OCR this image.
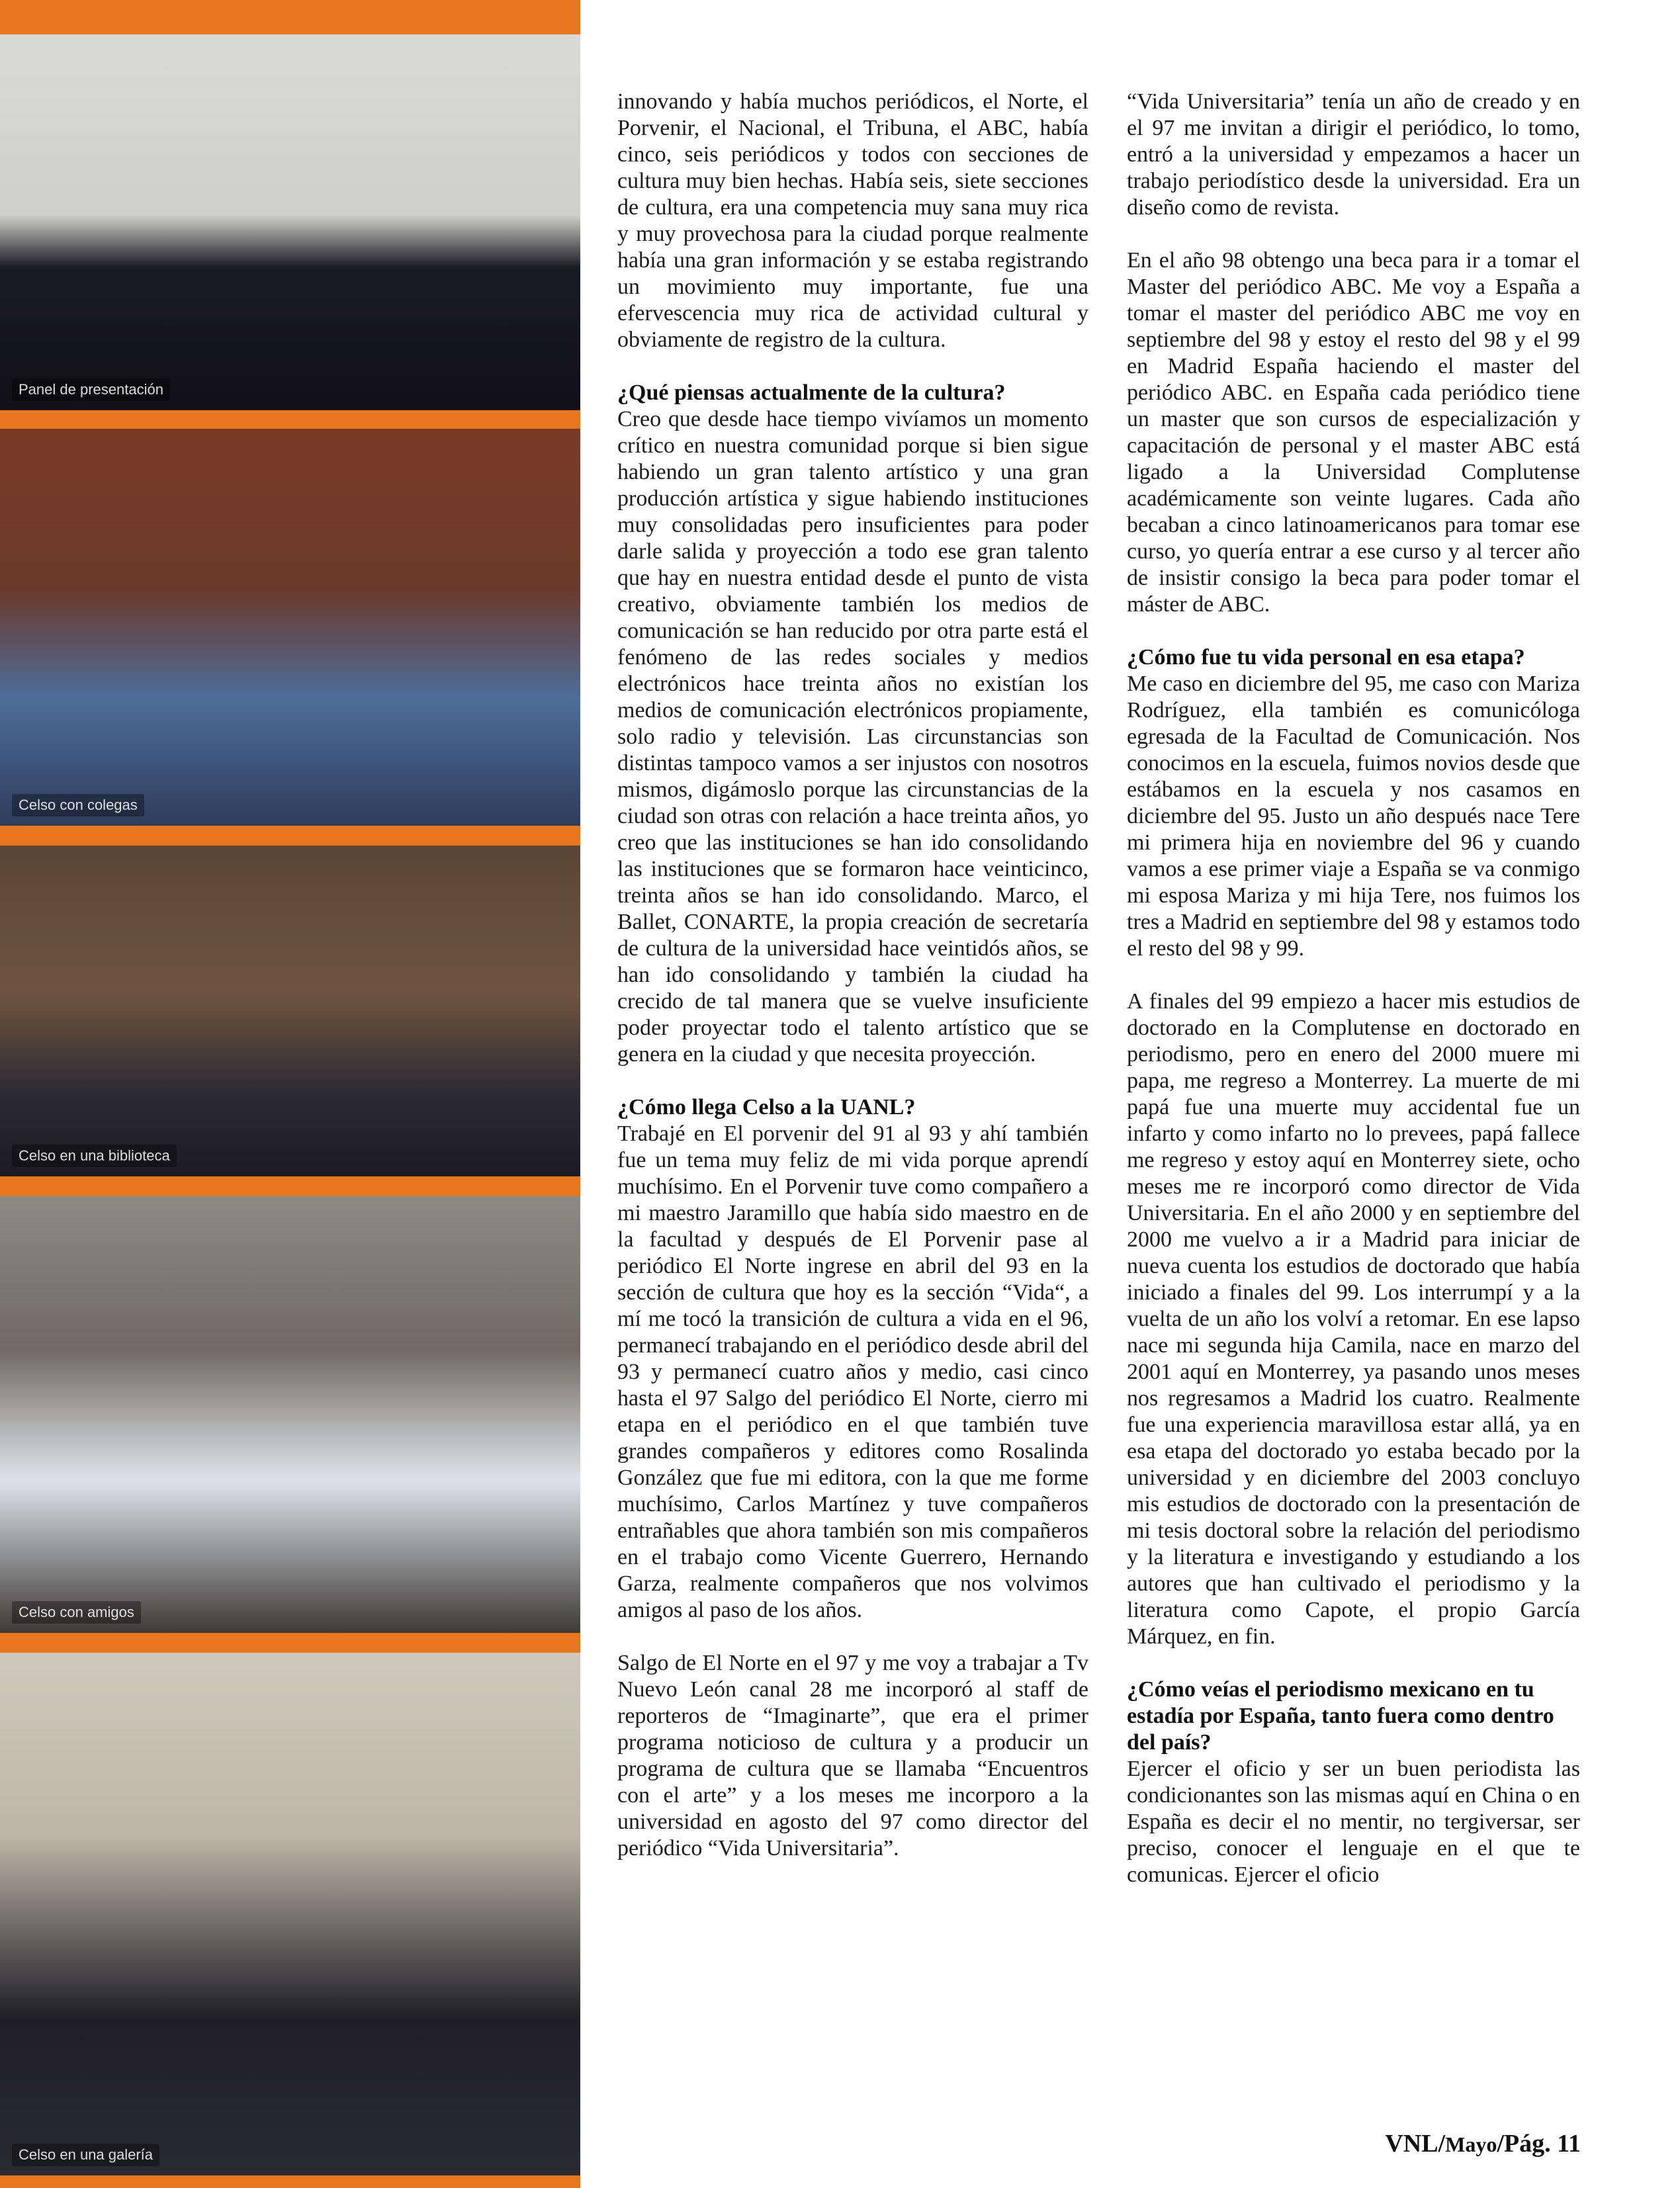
Panel de presentación
Celso con colegas
Celso en una biblioteca
Celso con amigos
Celso en una galería

innovando y había muchos periódicos, el Norte, el Porvenir, el Nacional, el Tribuna, el ABC, había cinco, seis periódicos y todos con secciones de cultura muy bien hechas. Había seis, siete secciones de cultura, era una competencia muy sana muy rica y muy provechosa para la ciudad porque realmente había una gran información y se estaba registrando un movimiento muy importante, fue una efervescencia muy rica de actividad cultural y obviamente de registro de la cultura.

¿Qué piensas actualmente de la cultura?

Creo que desde hace tiempo vivíamos un momento crítico en nuestra comunidad porque si bien sigue habiendo un gran talento artístico y una gran producción artística y sigue habiendo instituciones muy consolidadas pero insuficientes para poder darle salida y proyección a todo ese gran talento que hay en nuestra entidad desde el punto de vista creativo, obviamente también los medios de comunicación se han reducido por otra parte está el fenómeno de las redes sociales y medios electrónicos hace treinta años no existían los medios de comunicación electrónicos propiamente, solo radio y televisión. Las circunstancias son distintas tampoco vamos a ser injustos con nosotros mismos, digámoslo porque las circunstancias de la ciudad son otras con relación a hace treinta años, yo creo que las instituciones se han ido consolidando las instituciones que se formaron hace veinticinco, treinta años se han ido consolidando. Marco, el Ballet, CONARTE, la propia creación de secretaría de cultura de la universidad hace veintidós años, se han ido consolidando y también la ciudad ha crecido de tal manera que se vuelve insuficiente poder proyectar todo el talento artístico que se genera en la ciudad y que necesita proyección.

¿Cómo llega Celso a la UANL?

Trabajé en El porvenir del 91 al 93 y ahí también fue un tema muy feliz de mi vida porque aprendí muchísimo. En el Porvenir tuve como compañero a mi maestro Jaramillo que había sido maestro en de la facultad y después de El Porvenir pase al periódico El Norte ingrese en abril del 93 en la sección de cultura que hoy es la sección “Vida“, a mí me tocó la transición de cultura a vida en el 96, permanecí trabajando en el periódico desde abril del 93 y permanecí cuatro años y medio, casi cinco hasta el 97 Salgo del periódico El Norte, cierro mi etapa en el periódico en el que también tuve grandes compañeros y editores como Rosalinda González que fue mi editora, con la que me forme muchísimo, Carlos Martínez y tuve compañeros entrañables que ahora también son mis compañeros en el trabajo como Vicente Guerrero, Hernando Garza, realmente compañeros que nos volvimos amigos al paso de los años.

Salgo de El Norte en el 97 y me voy a trabajar a Tv Nuevo León canal 28 me incorporó al staff de reporteros de “Imaginarte”, que era el primer programa noticioso de cultura y a producir un programa de cultura que se llamaba “Encuentros con el arte” y a los meses me incorporo a la universidad en agosto del 97 como director del periódico “Vida Universitaria”.

“Vida Universitaria” tenía un año de creado y en el 97 me invitan a dirigir el periódico, lo tomo, entró a la universidad y empezamos a hacer un trabajo periodístico desde la universidad. Era un diseño como de revista.

En el año 98 obtengo una beca para ir a tomar el Master del periódico ABC. Me voy a España a tomar el master del periódico ABC me voy en septiembre del 98 y estoy el resto del 98 y el 99 en Madrid España haciendo el master del periódico ABC. en España cada periódico tiene un master que son cursos de especialización y capacitación de personal y el master ABC está ligado a la Universidad Complutense académicamente son veinte lugares. Cada año becaban a cinco latinoamericanos para tomar ese curso, yo quería entrar a ese curso y al tercer año de insistir consigo la beca para poder tomar el máster de ABC.

¿Cómo fue tu vida personal en esa etapa?

Me caso en diciembre del 95, me caso con Mariza Rodríguez, ella también es comunicóloga egresada de la Facultad de Comunicación. Nos conocimos en la escuela, fuimos novios desde que estábamos en la escuela y nos casamos en diciembre del 95. Justo un año después nace Tere mi primera hija en noviembre del 96 y cuando vamos a ese primer viaje a España se va conmigo mi esposa Mariza y mi hija Tere, nos fuimos los tres a Madrid en septiembre del 98 y estamos todo el resto del 98 y 99.

A finales del 99 empiezo a hacer mis estudios de doctorado en la Complutense en doctorado en periodismo, pero en enero del 2000 muere mi papa, me regreso a Monterrey. La muerte de mi papá fue una muerte muy accidental fue un infarto y como infarto no lo prevees, papá fallece me regreso y estoy aquí en Monterrey siete, ocho meses me re incorporó como director de Vida Universitaria. En el año 2000 y en septiembre del 2000 me vuelvo a ir a Madrid para iniciar de nueva cuenta los estudios de doctorado que había iniciado a finales del 99. Los interrumpí y a la vuelta de un año los volví a retomar. En ese lapso nace mi segunda hija Camila, nace en marzo del 2001 aquí en Monterrey, ya pasando unos meses nos regresamos a Madrid los cuatro. Realmente fue una experiencia maravillosa estar allá, ya en esa etapa del doctorado yo estaba becado por la universidad y en diciembre del 2003 concluyo mis estudios de doctorado con la presentación de mi tesis doctoral sobre la relación del periodismo y la literatura e investigando y estudiando a los autores que han cultivado el periodismo y la literatura como Capote, el propio García Márquez, en fin.

¿Cómo veías el periodismo mexicano en tu estadía por España, tanto fuera como dentro del país?

Ejercer el oficio y ser un buen periodista las condicionantes son las mismas aquí en China o en España es decir el no mentir, no tergiversar, ser preciso, conocer el lenguaje en el que te comunicas. Ejercer el oficio

VNL/Mayo/Pág. 11
